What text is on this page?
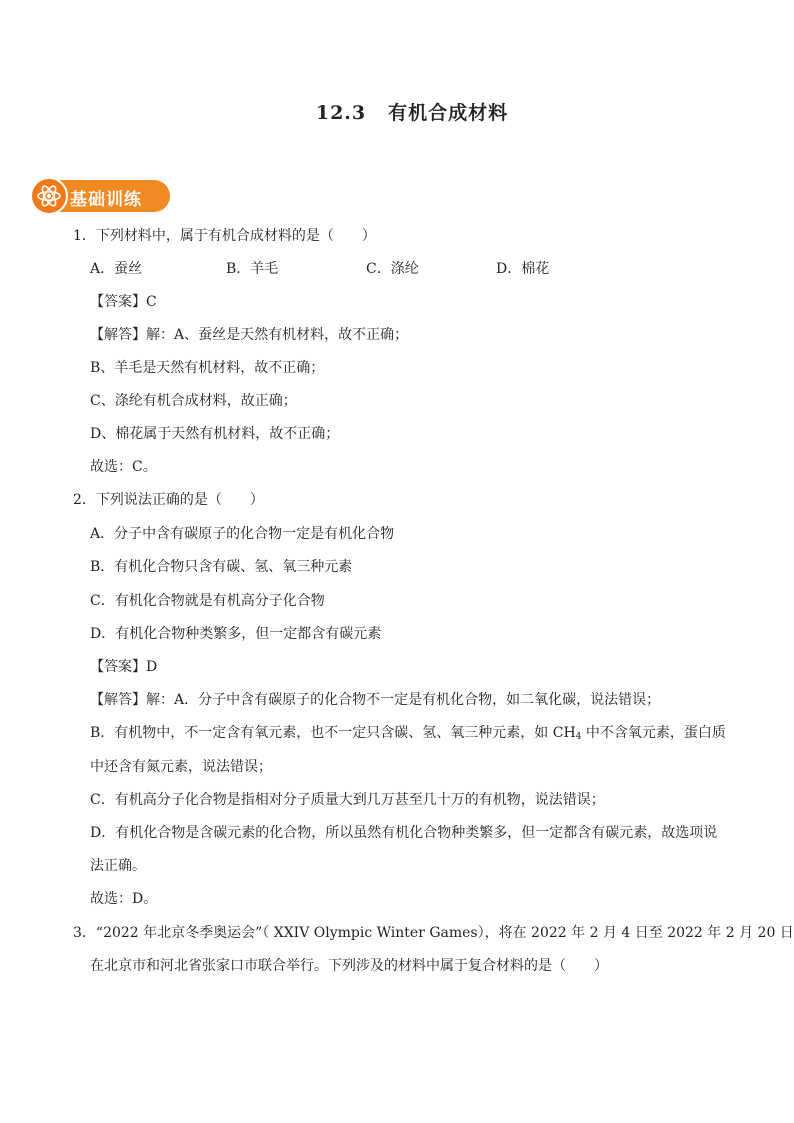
12.3 有机合成材料
基础训练
1．下列材料中，属于有机合成材料的是（　　）
A．蚕丝	B．羊毛	C．涤纶	D．棉花
【答案】C
【解答】解：A、蚕丝是天然有机材料，故不正确；
B、羊毛是天然有机材料，故不正确；
C、涤纶有机合成材料，故正确；
D、棉花属于天然有机材料，故不正确；
故选：C。
2．下列说法正确的是（　　）
A．分子中含有碳原子的化合物一定是有机化合物
B．有机化合物只含有碳、氢、氧三种元素
C．有机化合物就是有机高分子化合物
D．有机化合物种类繁多，但一定都含有碳元素
【答案】D
【解答】解：A．分子中含有碳原子的化合物不一定是有机化合物，如二氧化碳，说法错误；
B．有机物中，不一定含有氧元素，也不一定只含碳、氢、氧三种元素，如 $CH_4$ 中不含氧元素，蛋白质
中还含有氮元素，说法错误；
C．有机高分子化合物是指相对分子质量大到几万甚至几十万的有机物，说法错误；
D．有机化合物是含碳元素的化合物，所以虽然有机化合物种类繁多，但一定都含有碳元素，故选项说
法正确。
故选：D。
3．“2022 年北京冬季奥运会”（ XXIV Olympic Winter Games），将在 2022 年 2 月 4 日至 2022 年 2 月 20 日
在北京市和河北省张家口市联合举行。下列涉及的材料中属于复合材料的是（　　）
